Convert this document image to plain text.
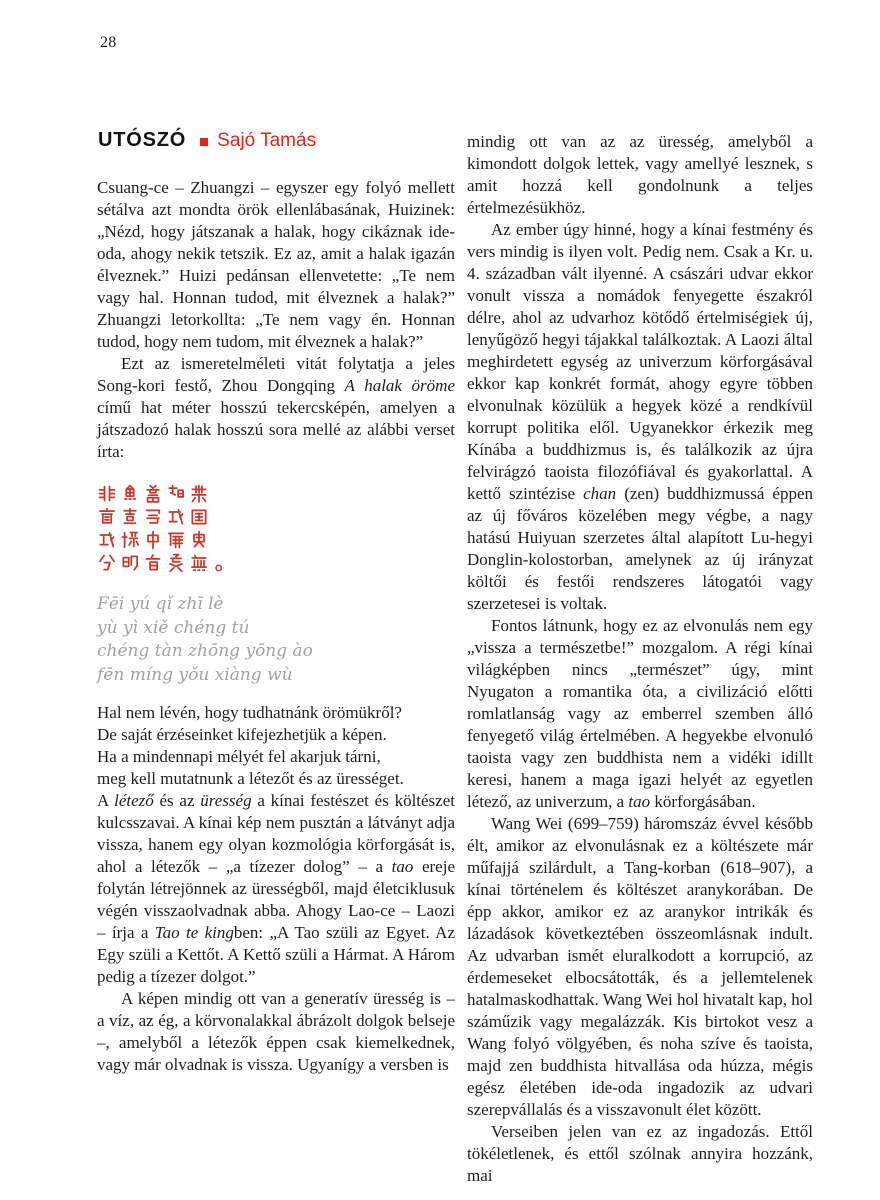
28
UTÓSZÓ Sajó Tamás

Csuang-ce – Zhuangzi – egyszer egy folyó mellett sétálva azt mondta örök ellenlábasának, Huizinek: „Nézd, hogy játszanak a halak, hogy cikáznak ide-oda, ahogy nekik tetszik. Ez az, amit a halak igazán élveznek.” Huizi pedánsan ellenvetette: „Te nem vagy hal. Honnan tudod, mit élveznek a halak?” Zhuangzi letorkollta: „Te nem vagy én. Honnan tudod, hogy nem tudom, mit élveznek a halak?”

Ezt az ismeretelméleti vitát folytatja a jeles Song-kori festő, Zhou Dongqing A halak öröme című hat méter hosszú tekercsképén, amelyen a játszadozó halak hosszú sora mellé az alábbi verset írta:

Fēi yú qǐ zhī lè
yù yì xiě chéng tú
chéng tàn zhōng yōng ào
fēn míng yǒu xiàng wù
Hal nem lévén, hogy tudhatnánk örömükről?
De saját érzéseinket kifejezhetjük a képen.
Ha a mindennapi mélyét fel akarjuk tárni,
meg kell mutatnunk a létezőt és az ürességet.

A létező és az üresség a kínai festészet és költészet kulcsszavai. A kínai kép nem pusztán a látványt adja vissza, hanem egy olyan kozmológia körforgását is, ahol a létezők – „a tízezer dolog” – a tao ereje folytán létrejönnek az ürességből, majd életciklusuk végén visszaolvadnak abba. Ahogy Lao-ce – Laozi – írja a Tao te kingben: „A Tao szüli az Egyet. Az Egy szüli a Kettőt. A Kettő szüli a Hármat. A Három pedig a tízezer dolgot.”

A képen mindig ott van a generatív üresség is – a víz, az ég, a körvonalakkal ábrázolt dolgok belseje –, amelyből a létezők éppen csak kiemelkednek, vagy már olvadnak is vissza. Ugyanígy a versben is

mindig ott van az az üresség, amelyből a kimondott dolgok lettek, vagy amellyé lesznek, s amit hozzá kell gondolnunk a teljes értelmezésükhöz.

Az ember úgy hinné, hogy a kínai festmény és vers mindig is ilyen volt. Pedig nem. Csak a Kr. u. 4. században vált ilyenné. A császári udvar ekkor vonult vissza a nomádok fenyegette északról délre, ahol az udvarhoz kötődő értelmiségiek új, lenyűgöző hegyi tájakkal találkoztak. A Laozi által meghirdetett egység az univerzum körforgásával ekkor kap konkrét formát, ahogy egyre többen elvonulnak közülük a hegyek közé a rendkívül korrupt politika elől. Ugyanekkor érkezik meg Kínába a buddhizmus is, és találkozik az újra felvirágzó taoista filozófiával és gyakorlattal. A kettő szintézise chan (zen) buddhizmussá éppen az új főváros közelében megy végbe, a nagy hatású Huiyuan szerzetes által alapított Lu-hegyi Donglin-kolostorban, amelynek az új irányzat költői és festői rendszeres látogatói vagy szerzetesei is voltak.

Fontos látnunk, hogy ez az elvonulás nem egy „vissza a természetbe!” mozgalom. A régi kínai világképben nincs „természet” úgy, mint Nyugaton a romantika óta, a civilizáció előtti romlatlanság vagy az emberrel szemben álló fenyegető világ értelmében. A hegyekbe elvonuló taoista vagy zen buddhista nem a vidéki idillt keresi, hanem a maga igazi helyét az egyetlen létező, az univerzum, a tao körforgásában.

Wang Wei (699–759) háromszáz évvel később élt, amikor az elvonulásnak ez a költészete már műfajjá szilárdult, a Tang-korban (618–907), a kínai történelem és költészet aranykorában. De épp akkor, amikor ez az aranykor intrikák és lázadások következtében összeomlásnak indult. Az udvarban ismét eluralkodott a korrupció, az érdemeseket elbocsátották, és a jellemtelenek hatalmaskodhattak. Wang Wei hol hivatalt kap, hol száműzik vagy megalázzák. Kis birtokot vesz a Wang folyó völgyében, és noha szíve és taoista, majd zen buddhista hitvallása oda húzza, mégis egész életében ide-oda ingadozik az udvari szerepvállalás és a visszavonult élet között.

Verseiben jelen van ez az ingadozás. Ettől tökéletlenek, és ettől szólnak annyira hozzánk, mai
